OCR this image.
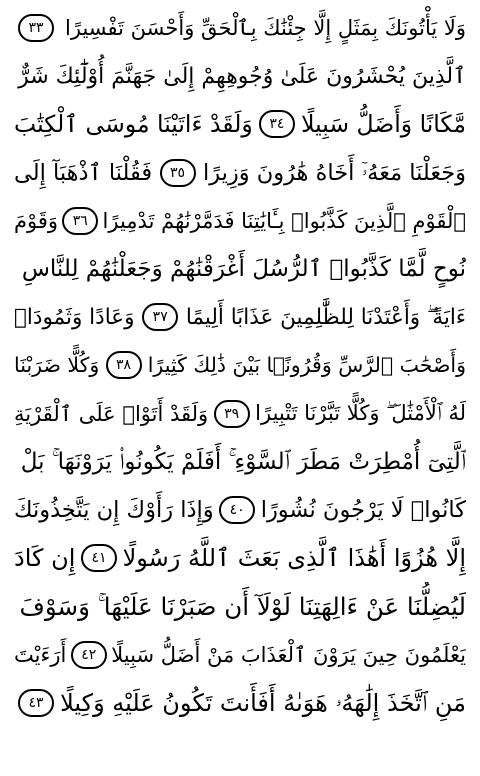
وَلَا يَأْتُونَكَ بِمَثَلٍ إِلَّا جِئْنَٰكَ بِٱلْحَقِّ وَأَحْسَنَ تَفْسِيرًا
٣٣
ٱلَّذِينَ يُحْشَرُونَ عَلَىٰ وُجُوهِهِمْ إِلَىٰ جَهَنَّمَ أُوْلَٰٓئِكَ شَرٌّ
مَّكَانًا وَأَضَلُّ سَبِيلًا
٣٤
وَلَقَدْ ءَاتَيْنَا مُوسَى ٱلْكِتَٰبَ
وَجَعَلْنَا مَعَهُۥٓ أَخَاهُ هَٰرُونَ وَزِيرًا
٣٥
فَقُلْنَا ٱذْهَبَآ إِلَى
ٱلْقَوْمِ ٱلَّذِينَ كَذَّبُوا۟ بِـَٔايَٰتِنَا فَدَمَّرْنَٰهُمْ تَدْمِيرًا
٣٦
وَقَوْمَ
نُوحٍ لَّمَّا كَذَّبُوا۟ ٱلرُّسُلَ أَغْرَقْنَٰهُمْ وَجَعَلْنَٰهُمْ لِلنَّاسِ
ءَايَةً ۖ وَأَعْتَدْنَا لِلظَّٰلِمِينَ عَذَابًا أَلِيمًا
٣٧
وَعَادًا وَثَمُودَا۟
وَأَصْحَٰبَ ٱلرَّسِّ وَقُرُونًۢا بَيْنَ ذَٰلِكَ كَثِيرًا
٣٨
وَكُلًّا ضَرَبْنَا
لَهُ ٱلْأَمْثَٰلَ ۖ وَكُلًّا تَبَّرْنَا تَتْبِيرًا
٣٩
وَلَقَدْ أَتَوْا۟ عَلَى ٱلْقَرْيَةِ
ٱلَّتِىٓ أُمْطِرَتْ مَطَرَ ٱلسَّوْءِ ۚ أَفَلَمْ يَكُونُوا۟ يَرَوْنَهَا ۚ بَلْ
كَانُوا۟ لَا يَرْجُونَ نُشُورًا
٤٠
وَإِذَا رَأَوْكَ إِن يَتَّخِذُونَكَ
إِلَّا هُزُوًا أَهَٰذَا ٱلَّذِى بَعَثَ ٱللَّهُ رَسُولًا
٤١
إِن كَادَ
لَيُضِلُّنَا عَنْ ءَالِهَتِنَا لَوْلَآ أَن صَبَرْنَا عَلَيْهَا ۚ وَسَوْفَ
يَعْلَمُونَ حِينَ يَرَوْنَ ٱلْعَذَابَ مَنْ أَضَلُّ سَبِيلًا
٤٢
أَرَءَيْتَ
مَنِ ٱتَّخَذَ إِلَٰهَهُۥ هَوَىٰهُ أَفَأَنتَ تَكُونُ عَلَيْهِ وَكِيلًا
٤٣
